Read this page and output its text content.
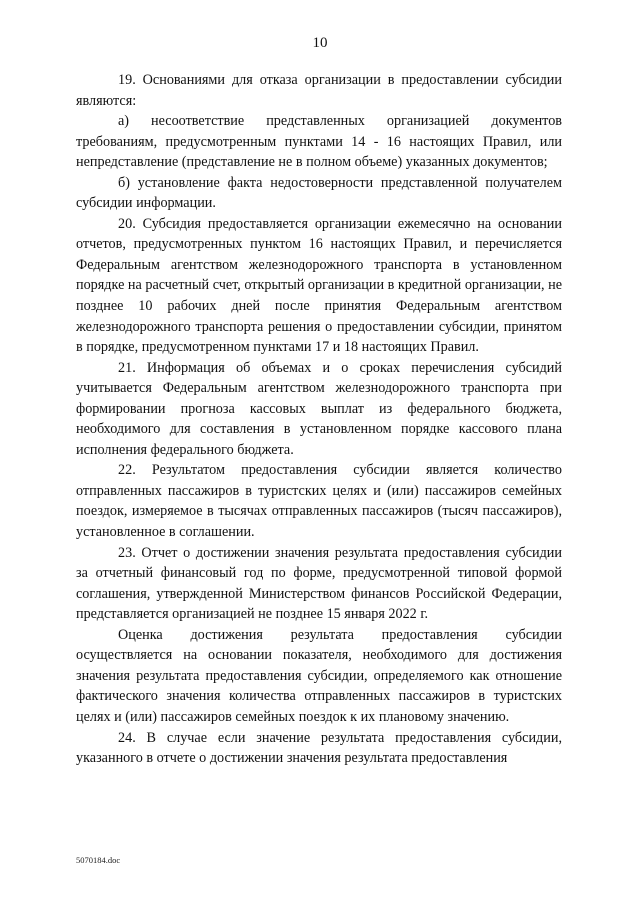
10

19. Основаниями для отказа организации в предоставлении субсидии являются:

а) несоответствие представленных организацией документов требованиям, предусмотренным пунктами 14 - 16 настоящих Правил, или непредставление (представление не в полном объеме) указанных документов;

б) установление факта недостоверности представленной получателем субсидии информации.

20. Субсидия предоставляется организации ежемесячно на основании отчетов, предусмотренных пунктом 16 настоящих Правил, и перечисляется Федеральным агентством железнодорожного транспорта в установленном порядке на расчетный счет, открытый организации в кредитной организации, не позднее 10 рабочих дней после принятия Федеральным агентством железнодорожного транспорта решения о предоставлении субсидии, принятом в порядке, предусмотренном пунктами 17 и 18 настоящих Правил.

21. Информация об объемах и о сроках перечисления субсидий учитывается Федеральным агентством железнодорожного транспорта при формировании прогноза кассовых выплат из федерального бюджета, необходимого для составления в установленном порядке кассового плана исполнения федерального бюджета.

22. Результатом предоставления субсидии является количество отправленных пассажиров в туристских целях и (или) пассажиров семейных поездок, измеряемое в тысячах отправленных пассажиров (тысяч пассажиров), установленное в соглашении.

23. Отчет о достижении значения результата предоставления субсидии за отчетный финансовый год по форме, предусмотренной типовой формой соглашения, утвержденной Министерством финансов Российской Федерации, представляется организацией не позднее 15 января 2022 г.

Оценка достижения результата предоставления субсидии осуществляется на основании показателя, необходимого для достижения значения результата предоставления субсидии, определяемого как отношение фактического значения количества отправленных пассажиров в туристских целях и (или) пассажиров семейных поездок к их плановому значению.

24. В случае если значение результата предоставления субсидии, указанного в отчете о достижении значения результата предоставления

5070184.doc
